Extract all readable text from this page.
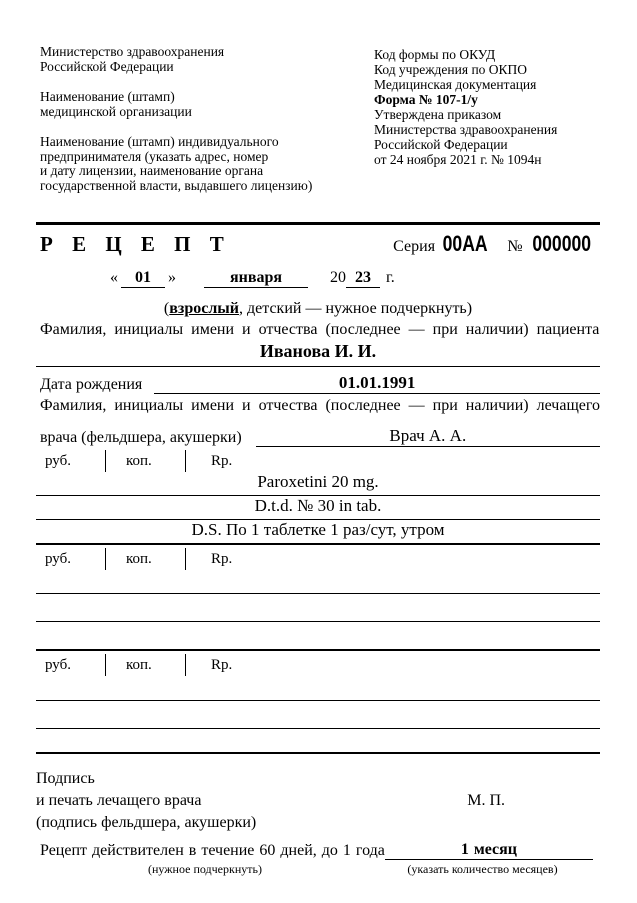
Министерство здравоохранения
Российской Федерации
Наименование (штамп)
медицинской организации
Наименование (штамп) индивидуального
предпринимателя (указать адрес, номер
и дату лицензии, наименование органа
государственной власти, выдавшего лицензию)
Код формы по ОКУД
Код учреждения по ОКПО
Медицинская документация
Форма № 107-1/у
Утверждена приказом
Министерства здравоохранения
Российской Федерации
от 24 ноября 2021 г. № 1094н
Р Е Ц Е П Т	Серия 00AA № 000000
«	01	»	января	20 23 г.
(взрослый, детский — нужное подчеркнуть)
Фамилия, инициалы имени и отчества (последнее — при наличии) пациента
Иванова И. И.
Дата рождения	01.01.1991
Фамилия, инициалы имени и отчества (последнее — при наличии) лечащего
врача (фельдшера, акушерки)	Врач А. А.
руб.	коп.	Rp.
Paroxetini 20 mg.
D.t.d. № 30 in tab.
D.S. По 1 таблетке 1 раз/сут, утром
руб.	коп.	Rp.
руб.	коп.	Rp.
Подпись
и печать лечащего врача
(подпись фельдшера, акушерки)
М. П.
Рецепт действителен в течение 60 дней, до 1 года	1 месяц
(нужное подчеркнуть)	(указать количество месяцев)
